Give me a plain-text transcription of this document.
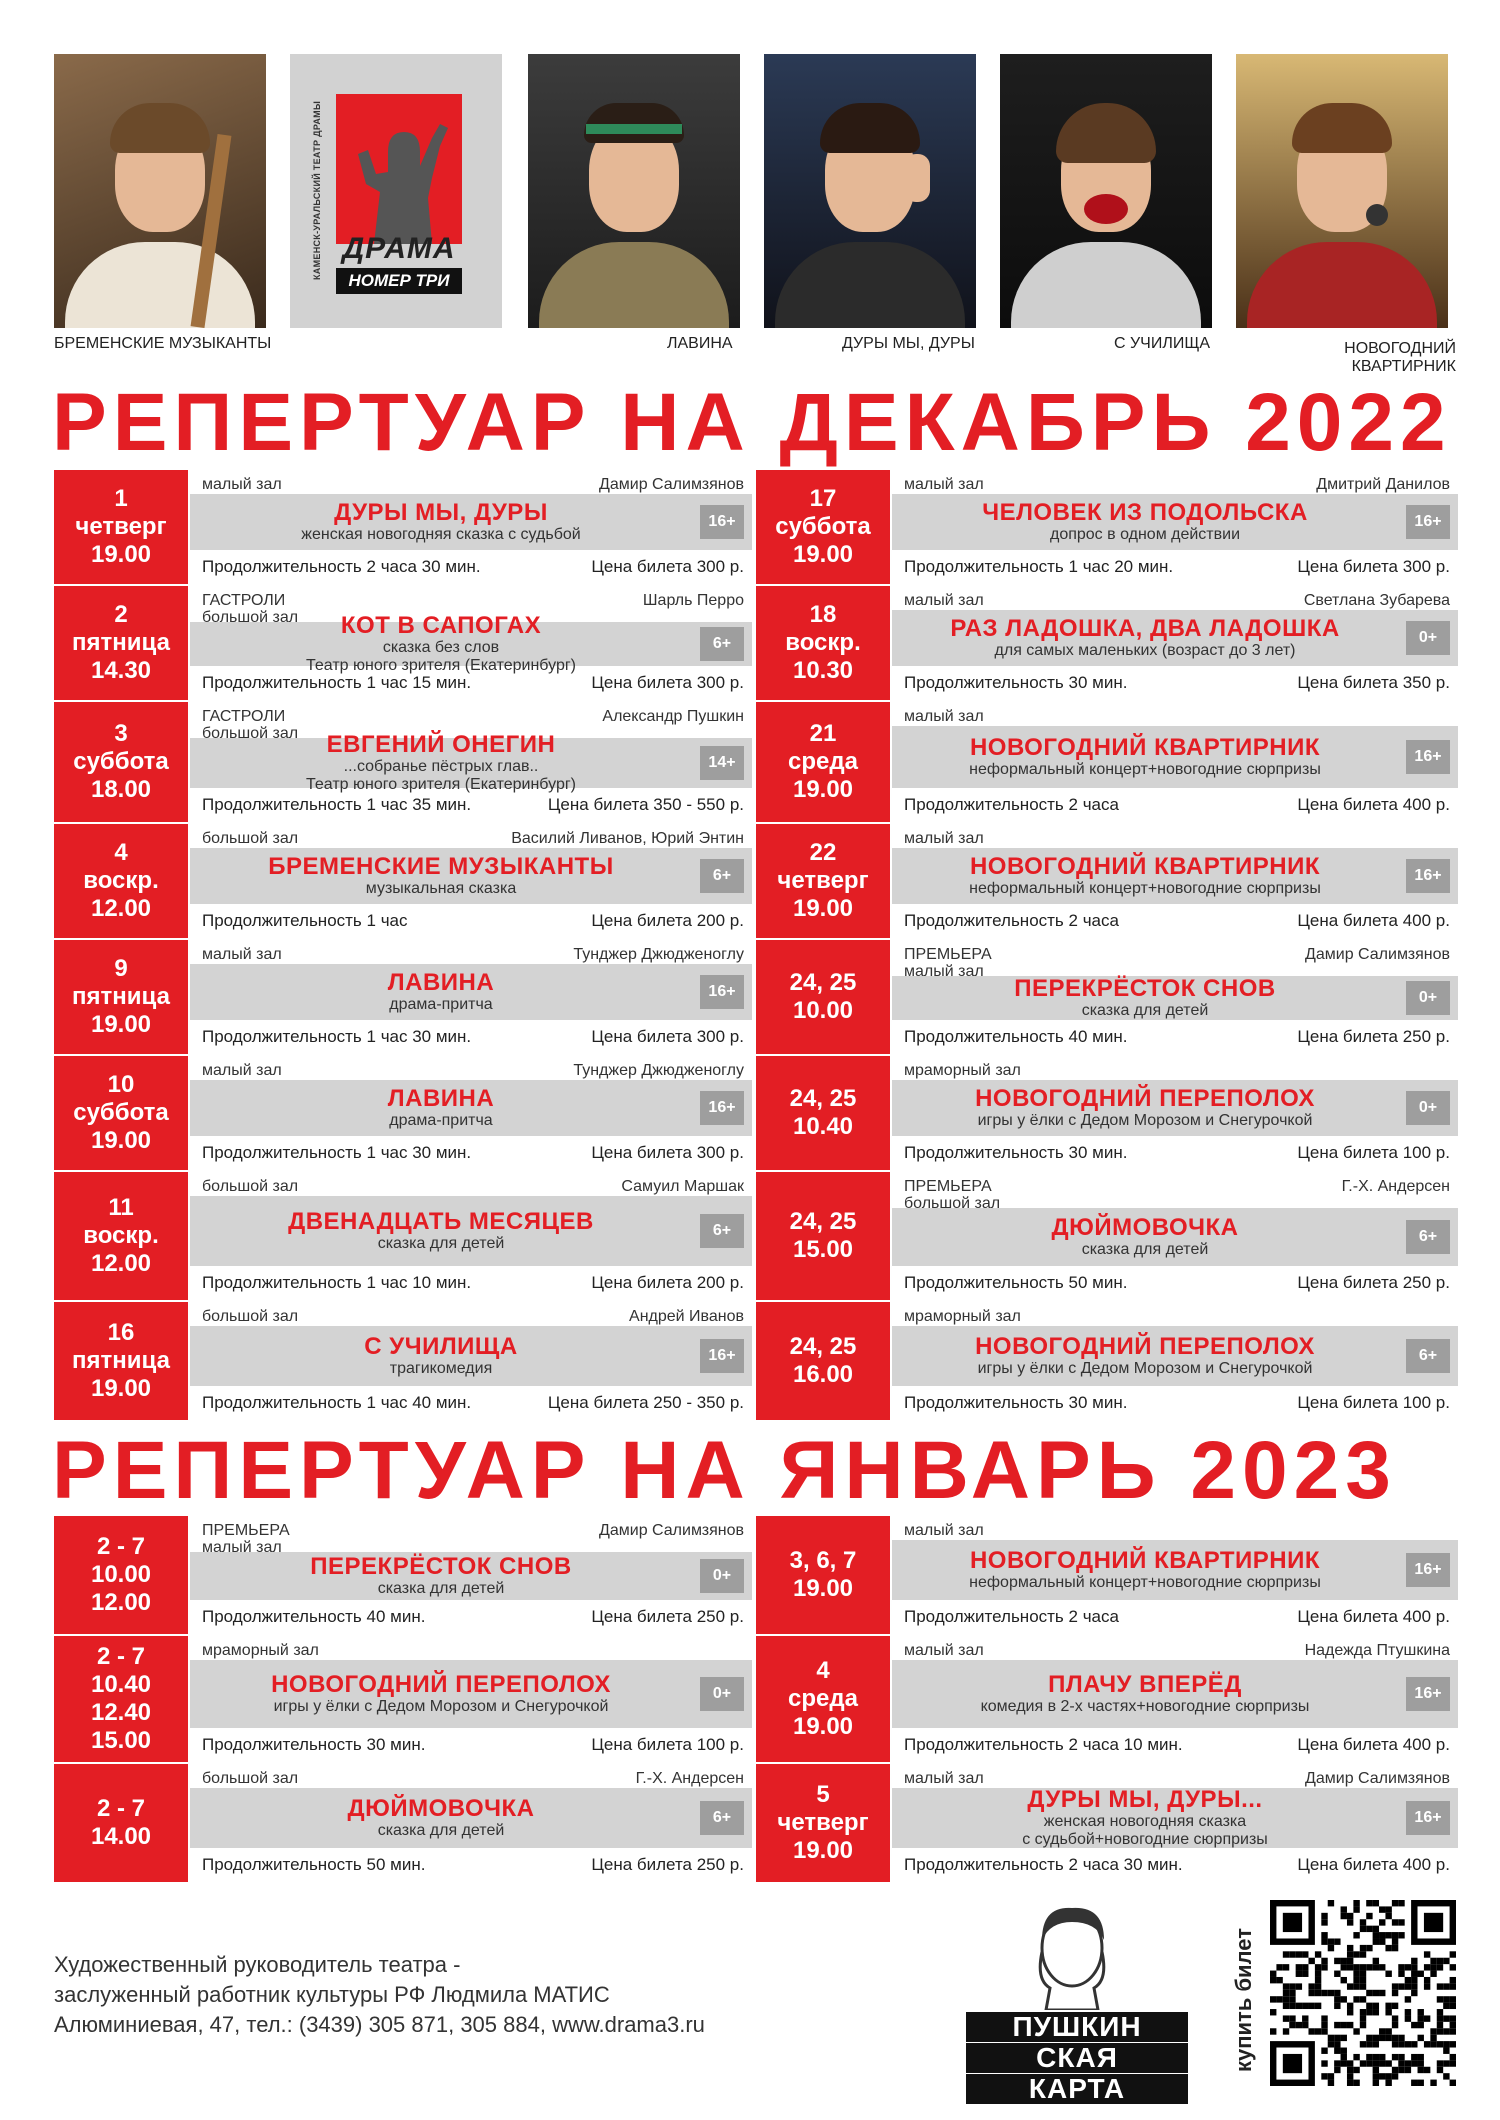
КАМЕНСК-УРАЛЬСКИЙ ТЕАТР ДРАМЫ ДРАМА
НОМЕР ТРИ
БРЕМЕНСКИЕ МУЗЫКАНТЫ	ЛАВИНА	ДУРЫ МЫ, ДУРЫ	С УЧИЛИЩА	НОВОГОДНИЙ КВАРТИРНИК
РЕПЕРТУАР НА ДЕКАБРЬ 2022
1
четверг
19.00
малый зал	Дамир Салимзянов
ДУРЫ МЫ, ДУРЫ
женская новогодняя сказка с судьбой
16+
Продолжительность 2 часа 30 мин.	Цена билета 300 р.
2
пятница
14.30
ГАСТРОЛИ
большой зал
Шарль Перро
КОТ В САПОГАХ
сказка без слов
Театр юного зрителя (Екатеринбург)
6+
Продолжительность 1 час 15 мин.	Цена билета 300 р.
3
суббота
18.00
ГАСТРОЛИ
большой зал
Александр Пушкин
ЕВГЕНИЙ ОНЕГИН
...собранье пёстрых глав..
Театр юного зрителя (Екатеринбург)
14+
Продолжительность 1 час 35 мин.	Цена билета 350 - 550 р.
4
воскр.
12.00
большой зал	Василий Ливанов, Юрий Энтин
БРЕМЕНСКИЕ МУЗЫКАНТЫ
музыкальная сказка
6+
Продолжительность 1 час	Цена билета 200 р.
9
пятница
19.00
малый зал	Тунджер Джюдженоглу
ЛАВИНА
драма-притча
16+
Продолжительность 1 час 30 мин.	Цена билета 300 р.
10
суббота
19.00
малый зал	Тунджер Джюдженоглу
ЛАВИНА
драма-притча
16+
Продолжительность 1 час 30 мин.	Цена билета 300 р.
11
воскр.
12.00
большой зал	Самуил Маршак
ДВЕНАДЦАТЬ МЕСЯЦЕВ
сказка для детей
6+
Продолжительность 1 час 10 мин.	Цена билета 200 р.
16
пятница
19.00
большой зал	Андрей Иванов
С УЧИЛИЩА
трагикомедия
16+
Продолжительность 1 час 40 мин.	Цена билета 250 - 350 р.
17
суббота
19.00
малый зал	Дмитрий Данилов
ЧЕЛОВЕК ИЗ ПОДОЛЬСКА
допрос в одном действии
16+
Продолжительность 1 час 20 мин.	Цена билета 300 р.
18
воскр.
10.30
малый зал	Светлана Зубарева
РАЗ ЛАДОШКА, ДВА ЛАДОШКА
для самых маленьких (возраст до 3 лет)
0+
Продолжительность 30 мин.	Цена билета 350 р.
21
среда
19.00
малый зал
НОВОГОДНИЙ КВАРТИРНИК
неформальный концерт+новогодние сюрпризы
16+
Продолжительность 2 часа	Цена билета 400 р.
22
четверг
19.00
малый зал
НОВОГОДНИЙ КВАРТИРНИК
неформальный концерт+новогодние сюрпризы
16+
Продолжительность 2 часа	Цена билета 400 р.
24, 25
10.00
ПРЕМЬЕРА
малый зал
Дамир Салимзянов
ПЕРЕКРЁСТОК СНОВ
сказка для детей
0+
Продолжительность 40 мин.	Цена билета 250 р.
24, 25
10.40
мраморный зал
НОВОГОДНИЙ ПЕРЕПОЛОХ
игры у ёлки с Дедом Морозом и Снегурочкой
0+
Продолжительность 30 мин.	Цена билета 100 р.
24, 25
15.00
ПРЕМЬЕРА
большой зал
Г.-Х. Андерсен
ДЮЙМОВОЧКА
сказка для детей
6+
Продолжительность 50 мин.	Цена билета 250 р.
24, 25
16.00
мраморный зал
НОВОГОДНИЙ ПЕРЕПОЛОХ
игры у ёлки с Дедом Морозом и Снегурочкой
6+
Продолжительность 30 мин.	Цена билета 100 р.
РЕПЕРТУАР НА ЯНВАРЬ 2023
2 - 7
10.00
12.00
ПРЕМЬЕРА
малый зал
Дамир Салимзянов
ПЕРЕКРЁСТОК СНОВ
сказка для детей
0+
Продолжительность 40 мин.	Цена билета 250 р.
2 - 7
10.40
12.40
15.00
мраморный зал
НОВОГОДНИЙ ПЕРЕПОЛОХ
игры у ёлки с Дедом Морозом и Снегурочкой
0+
Продолжительность 30 мин.	Цена билета 100 р.
2 - 7
14.00
большой зал	Г.-Х. Андерсен
ДЮЙМОВОЧКА
сказка для детей
6+
Продолжительность 50 мин.	Цена билета 250 р.
3, 6, 7
19.00
малый зал
НОВОГОДНИЙ КВАРТИРНИК
неформальный концерт+новогодние сюрпризы
16+
Продолжительность 2 часа	Цена билета 400 р.
4
среда
19.00
малый зал	Надежда Птушкина
ПЛАЧУ ВПЕРЁД
комедия в 2-х частях+новогодние сюрпризы
16+
Продолжительность 2 часа 10 мин.	Цена билета 400 р.
5
четверг
19.00
малый зал	Дамир Салимзянов
ДУРЫ МЫ, ДУРЫ...
женская новогодняя сказка
с судьбой+новогодние сюрпризы
16+
Продолжительность 2 часа 30 мин.	Цена билета 400 р.
Художественный руководитель театра -
заслуженный работник культуры РФ Людмила МАТИС
Алюминиевая, 47, тел.: (3439) 305 871, 305 884, www.drama3.ru	ПУШКИН
СКАЯ
КАРТА
купить билет
